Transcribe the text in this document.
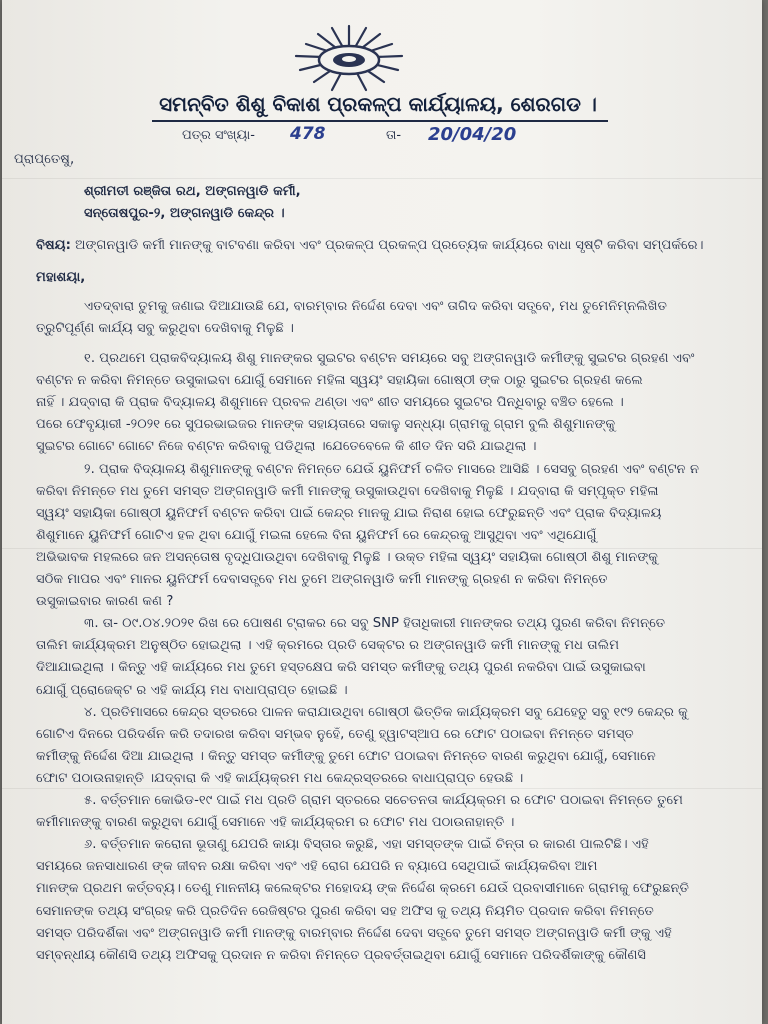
ସମନ୍ବିତ ଶିଶୁ ବିକାଶ ପ୍ରକଳ୍ପ କାର୍ଯ୍ୟାଳୟ, ଶେରଗଡ ।
ପତ୍ର ସଂଖ୍ୟା- 478	ତା- 20/04/20
ପ୍ରାପ୍ତେଷୁ,
ଶ୍ରୀମତୀ ରଞ୍ଜିତା ରଥ, ଅଙ୍ଗନୱାଡି କର୍ମୀ,
ସନ୍ତୋଷପୁର-୨, ଅଙ୍ଗନୱାଡି କେନ୍ଦ୍ର ।
ବିଷୟ: ଅଙ୍ଗନୱାଡି କର୍ମୀ ମାନଙ୍କୁ ବାଟବଣା କରିବା ଏବଂ ପ୍ରକଳ୍ପ ପ୍ରକଳ୍ପ ପ୍ରତ୍ୟେକ କାର୍ଯ୍ୟରେ ବାଧା ସୃଷ୍ଟି କରିବା ସମ୍ପର୍କରେ।
ମହାଶୟା,
ଏତଦ୍ବାରା ତୁମକୁ ଜଣାଇ ଦିଆଯାଉଛି ଯେ, ବାରମ୍ବାର ନିର୍ଦ୍ଦେଶ ଦେବା ଏବଂ ତାଗିଦ କରିବା ସତ୍ତ୍ବେ, ମଧ ତୁମେନିମ୍ନଲିଖିତ
ତ୍ରୁଟିପୂର୍ଣ୍ଣ କାର୍ଯ୍ୟ ସବୁ କରୁଥିବା ଦେଖିବାକୁ ମିଳୁଛି ।
୧. ପ୍ରଥମେ ପ୍ରାକବିଦ୍ୟାଳୟ ଶିଶୁ ମାନଙ୍କର ସୁଇଟର ବଣ୍ଟନ ସମୟରେ ସବୁ ଅଙ୍ଗନୱାଡି କର୍ମୀଙ୍କୁ ସୁଇଟର ଗ୍ରହଣ ଏବଂ
ବଣ୍ଟନ ନ କରିବା ନିମନ୍ତେ ଉସୁକାଇବା ଯୋଗୁଁ ସେମାନେ ମହିଳା ସ୍ୱୟଂ ସହାୟିକା ଗୋଷ୍ଠୀ ଙ୍କ ଠାରୁ ସୁଇଟର ଗ୍ରହଣ କଲେ
ନାହିଁ । ଯଦ୍ବାରା କି ପ୍ରାକ ବିଦ୍ୟାଳୟ ଶିଶୁମାନେ ପ୍ରବଳ ଥଣ୍ଡା ଏବଂ ଶୀତ ସମୟରେ ସୁଇଟର ପିନ୍ଧିବାରୁ ବଞ୍ଚିତ ହେଲେ ।
ପରେ ଫେବୃୟାରୀ -୨୦୨୧ ରେ ସୁପରଭାଇଜର ମାନଙ୍କ ସହାୟତାରେ ସକାଳୁ ସନ୍ଧ୍ୟା ଗ୍ରାମକୁ ଗ୍ରାମ ବୁଲି ଶିଶୁମାନଙ୍କୁ
ସୁଇଟର ଗୋଟେ ଗୋଟେ ନିଜେ ବଣ୍ଟନ କରିବାକୁ ପଡିଥିଲା ।ଯେତେବେଳେ କି ଶୀତ ଦିନ ସରି ଯାଇଥିଲା ।
୨. ପ୍ରାକ ବିଦ୍ୟାଳୟ ଶିଶୁମାନଙ୍କୁ ବଣ୍ଟନ ନିମନ୍ତେ ଯେଉଁ ୟୁନିଫର୍ମ ଚଳିତ ମାସରେ ଆସିଛି । ସେସବୁ ଗ୍ରହଣ ଏବଂ ବଣ୍ଟନ ନ
କରିବା ନିମନ୍ତେ ମଧ ତୁମେ ସମସ୍ତ ଅଙ୍ଗନୱାଡି କର୍ମୀ ମାନଙ୍କୁ ଉସୁକାଉଥିବା ଦେଖିବାକୁ ମିଳୁଛି । ଯଦ୍ବାରା କି ସମ୍ପୃକ୍ତ ମହିଳା
ସ୍ୱୟଂ ସହାୟିକା ଗୋଷ୍ଠୀ ୟୁନିଫର୍ମ ବଣ୍ଟନ କରିବା ପାଇଁ କେନ୍ଦ୍ର ମାନକୁ ଯାଇ ନିରାଶ ହୋଇ ଫେରୁଛନ୍ତି ଏବଂ ପ୍ରାକ ବିଦ୍ୟାଳୟ
ଶିଶୁମାନେ ୟୁନିଫର୍ମ ଗୋଟିଏ ହଳ ଥିବା ଯୋଗୁଁ ମଇଳା ହେଲେ ବିନା ୟୁନିଫର୍ମ ରେ କେନ୍ଦ୍ରକୁ ଆସୁଥିବା ଏବଂ ଏଥିଯୋଗୁଁ
ଅଭିଭାବକ ମହଲରେ ଜନ ଅସନ୍ତୋଷ ବୃଦ୍ଧିପାଉଥିବା ଦେଖିବାକୁ ମିଳୁଛି । ଉକ୍ତ ମହିଳା ସ୍ୱୟଂ ସହାୟିକା ଗୋଷ୍ଠୀ ଶିଶୁ ମାନଙ୍କୁ
ସଠିକ ମାପର ଏବଂ ମାନର ୟୁନିଫର୍ମ ଦେବାସତ୍ତ୍ବେ ମଧ ତୁମେ ଅଙ୍ଗନୱାଡି କର୍ମୀ ମାନଙ୍କୁ ଗ୍ରହଣ ନ କରିବା ନିମନ୍ତେ
ଉସୁକାଇବାର କାରଣ କଣ ?
୩. ତା- ୦୯.୦୪.୨୦୨୧ ରିଖ ରେ ପୋଷଣ ଟ୍ରାକର ରେ ସବୁ SNP ହିତାଧିକାରୀ ମାନଙ୍କର ତଥ୍ୟ ପୁରଣ କରିବା ନିମନ୍ତେ
ତାଲିମ କାର୍ଯ୍ୟକ୍ରମ ଅନୁଷ୍ଠିତ ହୋଇଥିଲା । ଏହି କ୍ରମରେ ପ୍ରତି ସେକ୍ଟର ର ଅଙ୍ଗନୱାଡି କର୍ମୀ ମାନଙ୍କୁ ମଧ ତାଲିମ
ଦିଆଯାଇଥିଲା । କିନ୍ତୁ ଏହି କାର୍ଯ୍ୟରେ ମଧ ତୁମେ ହସ୍ତକ୍ଷେପ କରି ସମସ୍ତ କର୍ମୀଙ୍କୁ ତଥ୍ୟ ପୁରଣ ନକରିବା ପାଇଁ ଉସୁକାଇବା
ଯୋଗୁଁ ପ୍ରୋଜେକ୍ଟ ର ଏହି କାର୍ଯ୍ୟ ମଧ ବାଧାପ୍ରାପ୍ତ ହୋଇଛି ।
୪. ପ୍ରତିମାସରେ କେନ୍ଦ୍ର ସ୍ତରରେ ପାଳନ କରାଯାଉଥିବା ଗୋଷ୍ଠୀ ଭିତ୍ତିକ କାର୍ଯ୍ୟକ୍ରମ ସବୁ ଯେହେତୁ ସବୁ ୧୯୨ କେନ୍ଦ୍ର କୁ
ଗୋଟିଏ ଦିନରେ ପରିଦର୍ଶନ କରି ତଦାରଖ କରିବା ସମ୍ଭବ ନୁହେଁ, ତେଣୁ ହ୍ୱାଟସ୍ଆପ ରେ ଫୋଟ ପଠାଇବା ନିମନ୍ତେ ସମସ୍ତ
କର୍ମୀଙ୍କୁ ନିର୍ଦ୍ଦେଶ ଦିଆ ଯାଇଥିଲା । କିନ୍ତୁ ସମସ୍ତ କର୍ମୀଙ୍କୁ ତୁମେ ଫୋଟ ପଠାଇବା ନିମନ୍ତେ ବାରଣ କରୁଥିବା ଯୋଗୁଁ, ସେମାନେ
ଫୋଟ ପଠାଉନାହାନ୍ତି ।ଯଦ୍ବାରା କି ଏହି କାର୍ଯ୍ୟକ୍ରମ ମଧ କେନ୍ଦ୍ରସ୍ତରରେ ବାଧାପ୍ରାପ୍ତ ହେଉଛି ।
୫. ବର୍ତ୍ତମାନ କୋଭିଡ-୧୯ ପାଇଁ ମଧ ପ୍ରତି ଗ୍ରାମ ସ୍ତରରେ ସଚେତନତା କାର୍ଯ୍ୟକ୍ରମ ର ଫୋଟ ପଠାଇବା ନିମନ୍ତେ ତୁମେ
କର୍ମୀମାନଙ୍କୁ ବାରଣ କରୁଥିବା ଯୋଗୁଁ ସେମାନେ ଏହି କାର୍ଯ୍ୟକ୍ରମ ର ଫୋଟ ମଧ ପଠାଉନାହାନ୍ତି ।
୬. ବର୍ତ୍ତମାନ କରୋନା ଭୂତାଣୁ ଯେପରି କାୟା ବିସ୍ତାର କରୁଛି, ଏହା ସମସ୍ତଙ୍କ ପାଇଁ ଚିନ୍ତା ର କାରଣ ପାଲଟିଛି। ଏହି
ସମୟରେ ଜନସାଧାରଣ ଙ୍କ ଜୀବନ ରକ୍ଷା କରିବା ଏବଂ ଏହି ରୋଗ ଯେପରି ନ ବ୍ୟାପେ ସେଥିପାଇଁ କାର୍ଯ୍ୟକରିବା ଆମ
ମାନଙ୍କ ପ୍ରଥମ କର୍ତ୍ତବ୍ୟ। ତେଣୁ ମାନନୀୟ କଲେକ୍ଟର ମହୋଦୟ ଙ୍କ ନିର୍ଦ୍ଦେଶ କ୍ରମେ ଯେଉଁ ପ୍ରବାସୀମାନେ ଗ୍ରାମକୁ ଫେରୁଛନ୍ତି
ସେମାନଙ୍କ ତଥ୍ୟ ସଂଗ୍ରହ କରି ପ୍ରତିଦିନ ରେଜିଷ୍ଟର ପୁରଣ କରିବା ସହ ଅଫିସ କୁ ତଥ୍ୟ ନିୟମିତ ପ୍ରଦାନ କରିବା ନିମନ୍ତେ
ସମସ୍ତ ପରିଦର୍ଶିକା ଏବଂ ଅଙ୍ଗନୱାଡି କର୍ମୀ ମାନଙ୍କୁ ବାରମ୍ବାର ନିର୍ଦ୍ଦେଶ ଦେବା ସତ୍ତ୍ବେ ତୁମେ ସମସ୍ତ ଅଙ୍ଗନୱାଡି କର୍ମୀ ଙ୍କୁ ଏହି
ସମ୍ବନ୍ଧୀୟ କୌଣସି ତଥ୍ୟ ଅଫିସକୁ ପ୍ରଦାନ ନ କରିବା ନିମନ୍ତେ ପ୍ରବର୍ତ୍ତାଇଥିବା ଯୋଗୁଁ ସେମାନେ ପରିଦର୍ଶିକାଙ୍କୁ କୌଣସି
